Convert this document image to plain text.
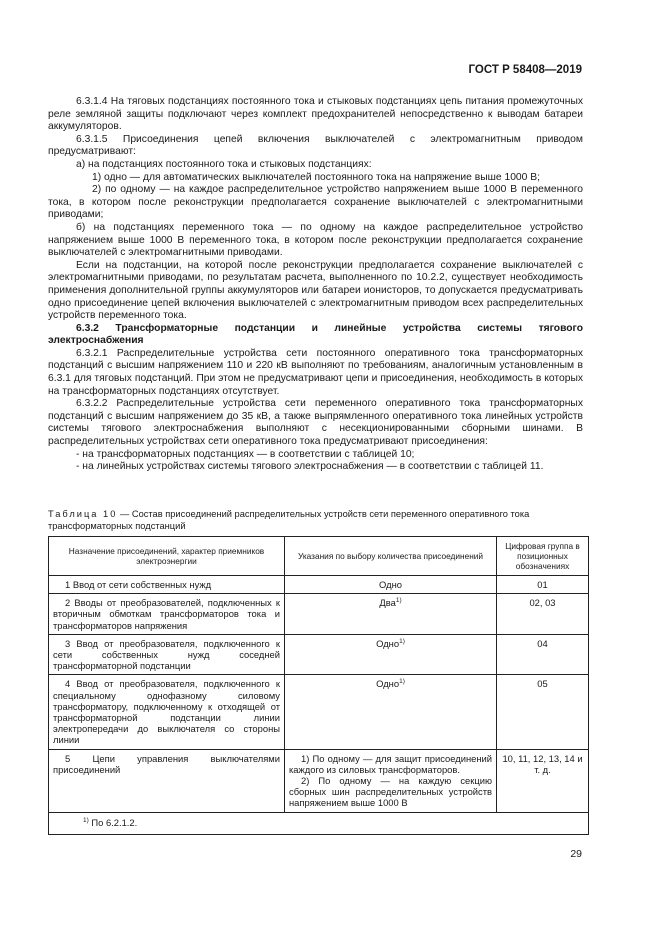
ГОСТ Р 58408—2019

6.3.1.4 На тяговых подстанциях постоянного тока и стыковых подстанциях цепь питания промежуточных реле земляной защиты подключают через комплект предохранителей непосредственно к выводам батареи аккумуляторов.

6.3.1.5 Присоединения цепей включения выключателей с электромагнитным приводом предусматривают:

а) на подстанциях постоянного тока и стыковых подстанциях:

1) одно — для автоматических выключателей постоянного тока на напряжение выше 1000 В;

2) по одному — на каждое распределительное устройство напряжением выше 1000 В переменного тока, в котором после реконструкции предполагается сохранение выключателей с электромагнитными приводами;

б) на подстанциях переменного тока — по одному на каждое распределительное устройство напряжением выше 1000 В переменного тока, в котором после реконструкции предполагается сохранение выключателей с электромагнитными приводами.

Если на подстанции, на которой после реконструкции предполагается сохранение выключателей с электромагнитными приводами, по результатам расчета, выполненного по 10.2.2, существует необходимость применения дополнительной группы аккумуляторов или батареи ионисторов, то допускается предусматривать одно присоединение цепей включения выключателей с электромагнитным приводом всех распределительных устройств переменного тока.

6.3.2 Трансформаторные подстанции и линейные устройства системы тягового электроснабжения

6.3.2.1 Распределительные устройства сети постоянного оперативного тока трансформаторных подстанций с высшим напряжением 110 и 220 кВ выполняют по требованиям, аналогичным установленным в 6.3.1 для тяговых подстанций. При этом не предусматривают цепи и присоединения, необходимость в которых на трансформаторных подстанциях отсутствует.

6.3.2.2 Распределительные устройства сети переменного оперативного тока трансформаторных подстанций с высшим напряжением до 35 кВ, а также выпрямленного оперативного тока линейных устройств системы тягового электроснабжения выполняют с несекционированными сборными шинами. В распределительных устройствах сети оперативного тока предусматривают присоединения:

- на трансформаторных подстанциях — в соответствии с таблицей 10;

- на линейных устройствах системы тягового электроснабжения — в соответствии с таблицей 11.

Таблица 10 — Состав присоединений распределительных устройств сети переменного оперативного тока трансформаторных подстанций
Назначение присоединений, характер приемников электроэнергии	Указания по выбору количества присоединений	Цифровая группа в позиционных обозначениях

1 Ввод от сети собственных нужд	Одно	01

2 Вводы от преобразователей, подключенных к вторичным обмоткам трансформаторов тока и трансформаторов напряжения	Два$^{1)}$	02, 03

3 Ввод от преобразователя, подключенного к сети собственных нужд соседней трансформаторной подстанции	Одно$^{1)}$	04

4 Ввод от преобразователя, подключенного к специальному однофазному силовому трансформатору, подключенному к отходящей от трансформаторной подстанции линии электропередачи до выключателя со стороны линии	Одно$^{1)}$	05

5 Цепи управления выключателями присоединений	1) По одному — для защит присоединений каждого из силовых трансформаторов.
2) По одному — на каждую секцию сборных шин распределительных устройств напряжением выше 1000 В	10, 11, 12, 13, 14 и т. д.
$^{1)}$ По 6.2.1.2.		
29
